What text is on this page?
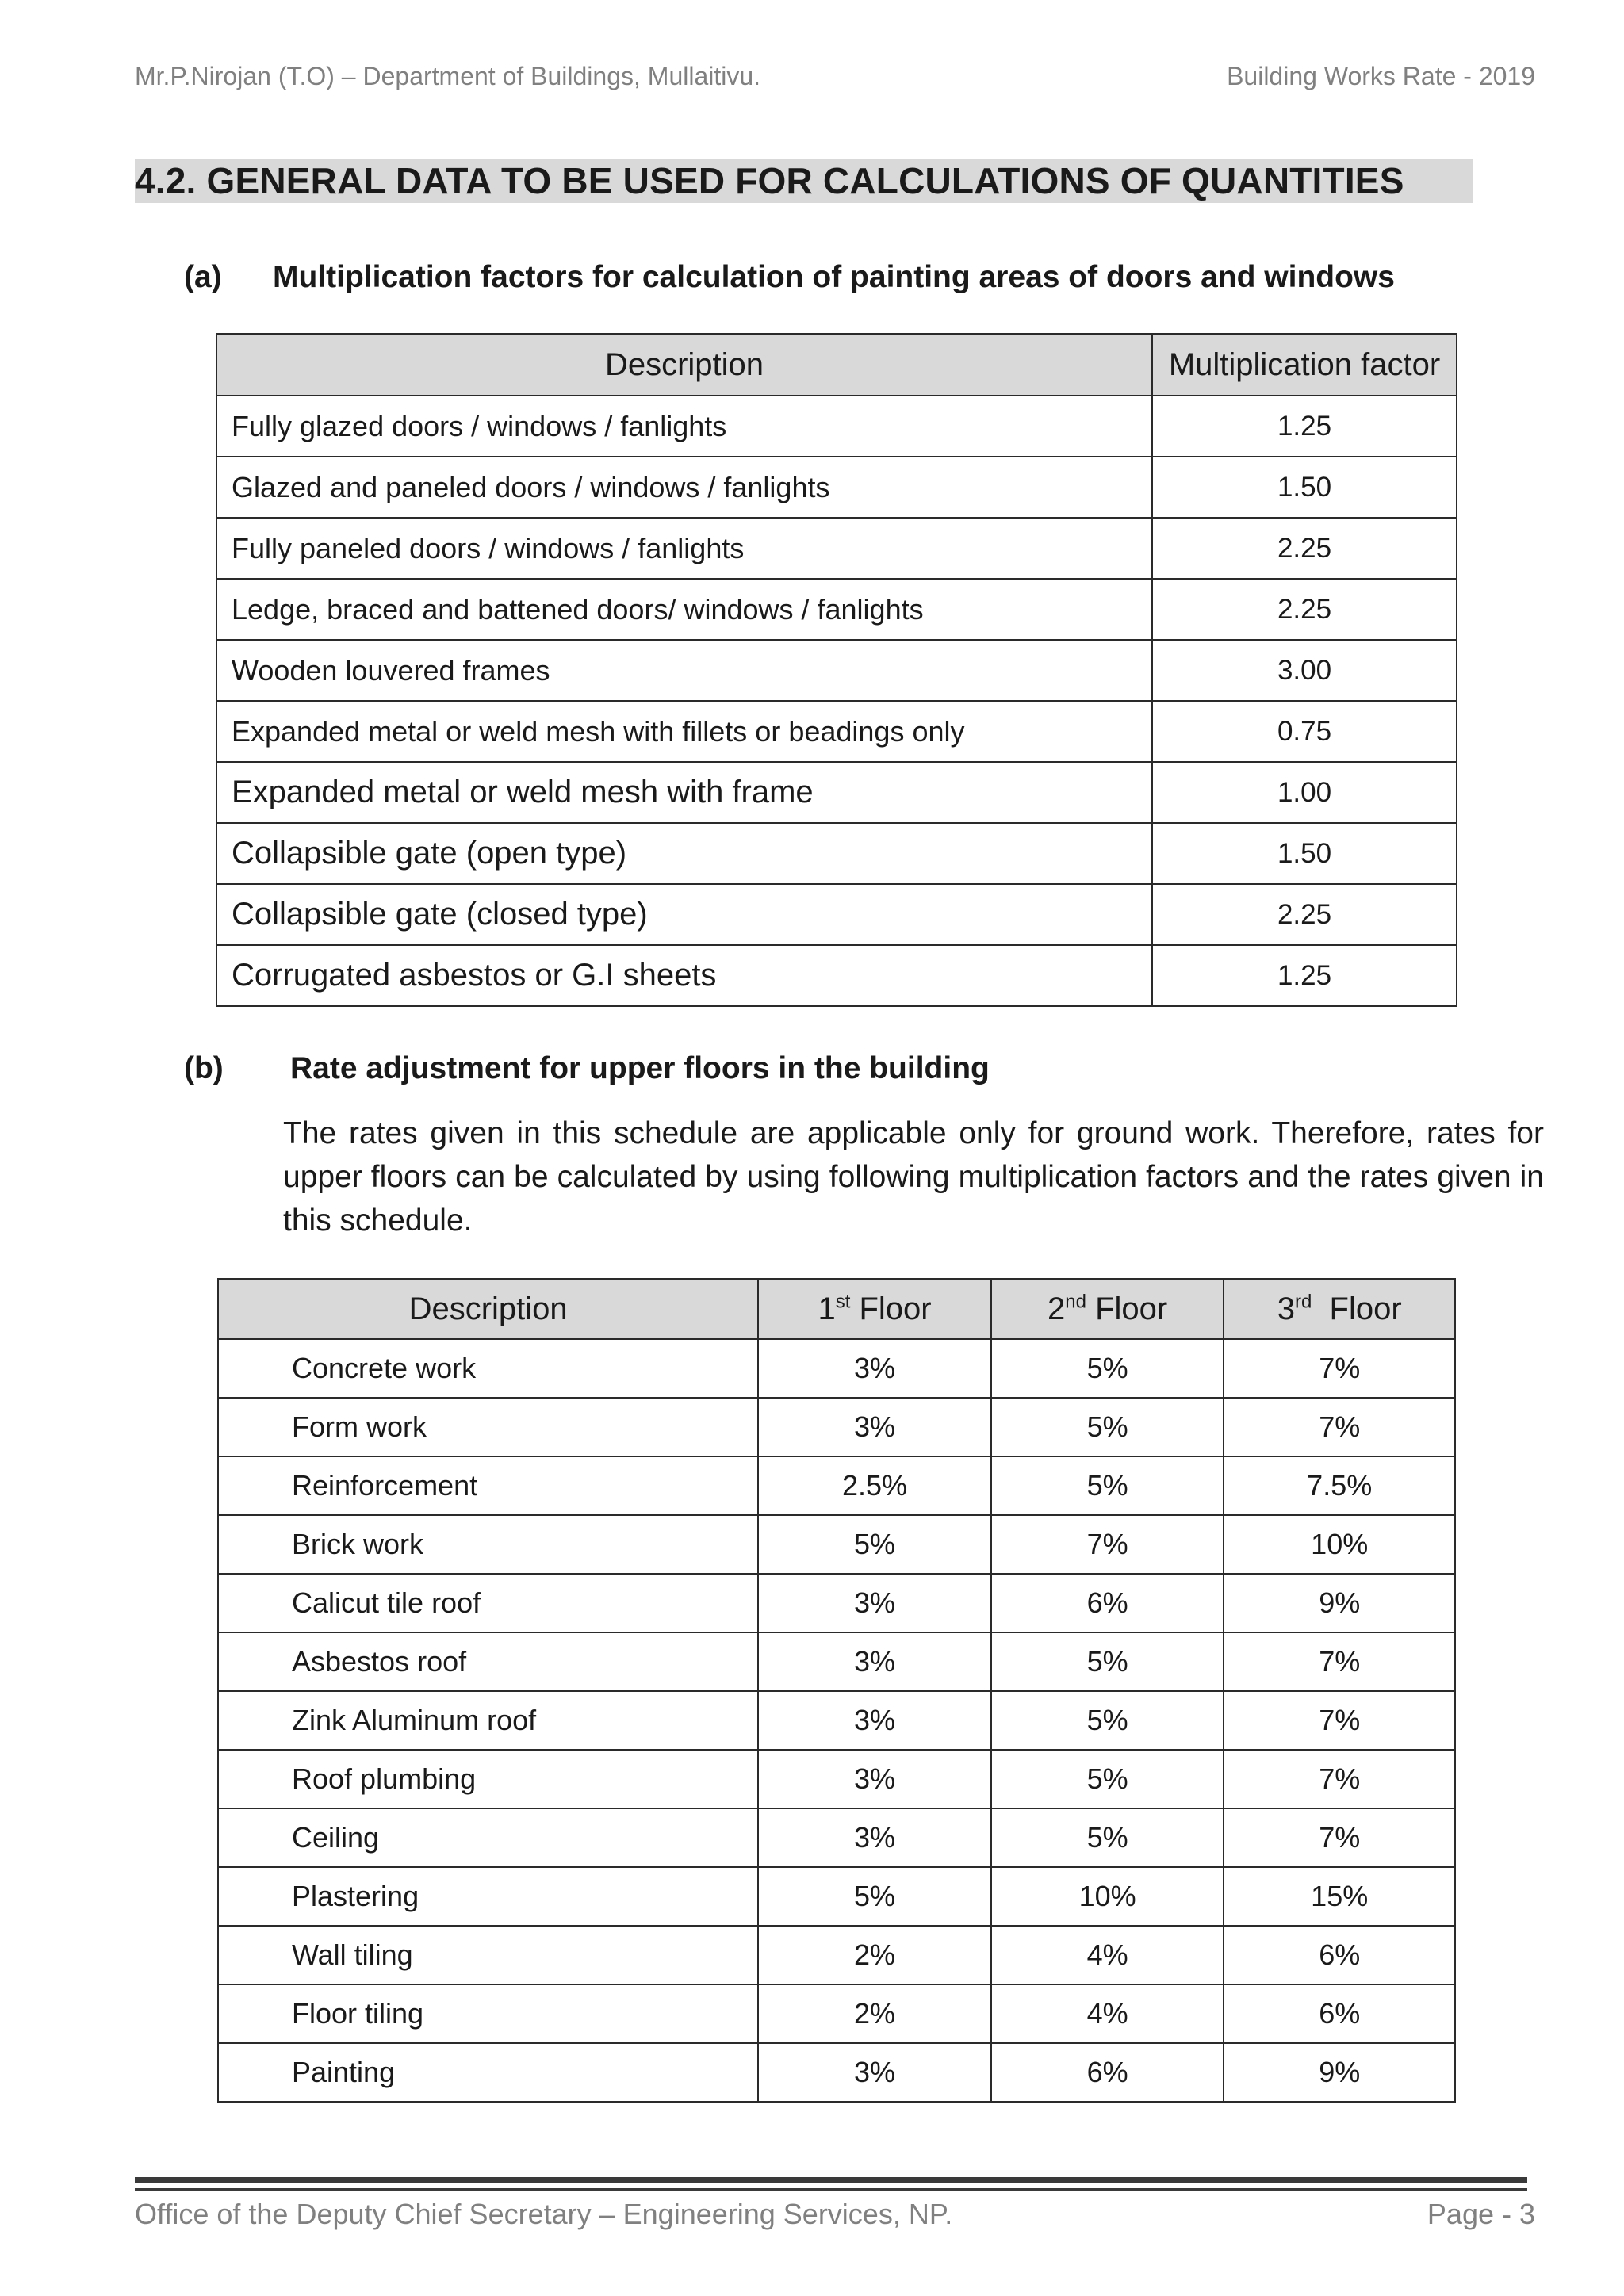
Mr.P.Nirojan (T.O) – Department of Buildings, Mullaitivu.	Building Works Rate - 2019
4.2. GENERAL DATA TO BE USED FOR CALCULATIONS OF QUANTITIES
(a) Multiplication factors for calculation of painting areas of doors and windows
Description	Multiplication factor
Fully glazed doors / windows / fanlights	1.25
Glazed and paneled doors / windows / fanlights	1.50
Fully paneled doors / windows / fanlights	2.25
Ledge, braced and battened doors/ windows / fanlights	2.25
Wooden louvered frames	3.00
Expanded metal or weld mesh with fillets or beadings only	0.75
Expanded metal or weld mesh with frame	1.00
Collapsible gate (open type)	1.50
Collapsible gate (closed type)	2.25
Corrugated asbestos or G.I sheets	1.25
(b) Rate adjustment for upper floors in the building
The rates given in this schedule are applicable only for ground work. Therefore, rates for upper floors can be calculated by using following multiplication factors and the rates given in this schedule.
Description	1st Floor	2nd Floor	3rd Floor
Concrete work	3%	5%	7%
Form work	3%	5%	7%
Reinforcement	2.5%	5%	7.5%
Brick work	5%	7%	10%
Calicut tile roof	3%	6%	9%
Asbestos roof	3%	5%	7%
Zink Aluminum roof	3%	5%	7%
Roof plumbing	3%	5%	7%
Ceiling	3%	5%	7%
Plastering	5%	10%	15%
Wall tiling	2%	4%	6%
Floor tiling	2%	4%	6%
Painting	3%	6%	9%
Office of the Deputy Chief Secretary – Engineering Services, NP.	Page - 3
